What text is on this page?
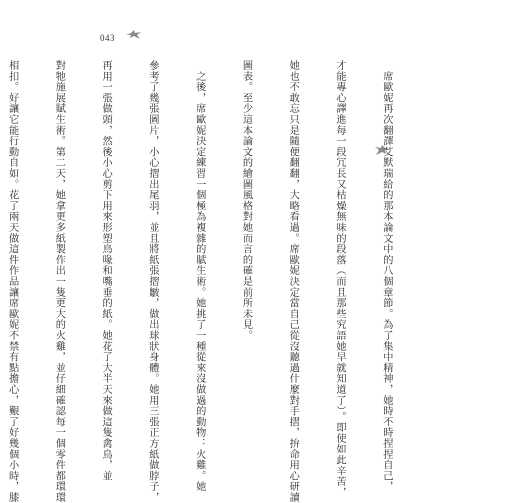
043

　席歐妮再次翻譯艾默瑞給的那本論文中的八個章節。為了集中精神，她時不時捏捏自己，

才能專心譯進每一段冗長又枯燥無味的段落（而且那些究語她早就知道了）。即使如此辛苦，

她也不敢忘只是隨便翻翻，大略看過。席歐妮決定當自己從沒聽過什麼對手摺，拚命用心研讀

圖表。至少這本論文的繪圖風格對她而言的確是前所未見。

　之後，席歐妮決定練習一個極為複雜的賦生術。她挑了一種從來沒做過的動物：火雞。她

參考了幾張圖片，小心摺出尾羽，並且將紙張摺皺，做出球狀身體。她用三張正方紙做脖子，

再用一張做頭，然後小心剪下用來形塑鳥喙和嘴垂的紙。她花了大半天來做這隻禽鳥，並

對牠施展賦生術。第二天，她拿更多紙製作出一隻更大的火雞，並仔細確認每一個零件都環環

相扣。好讓它能行動自如。花了兩天做這件作品讓席歐妮不禁有點擔心，艱了好幾個小時，膝
